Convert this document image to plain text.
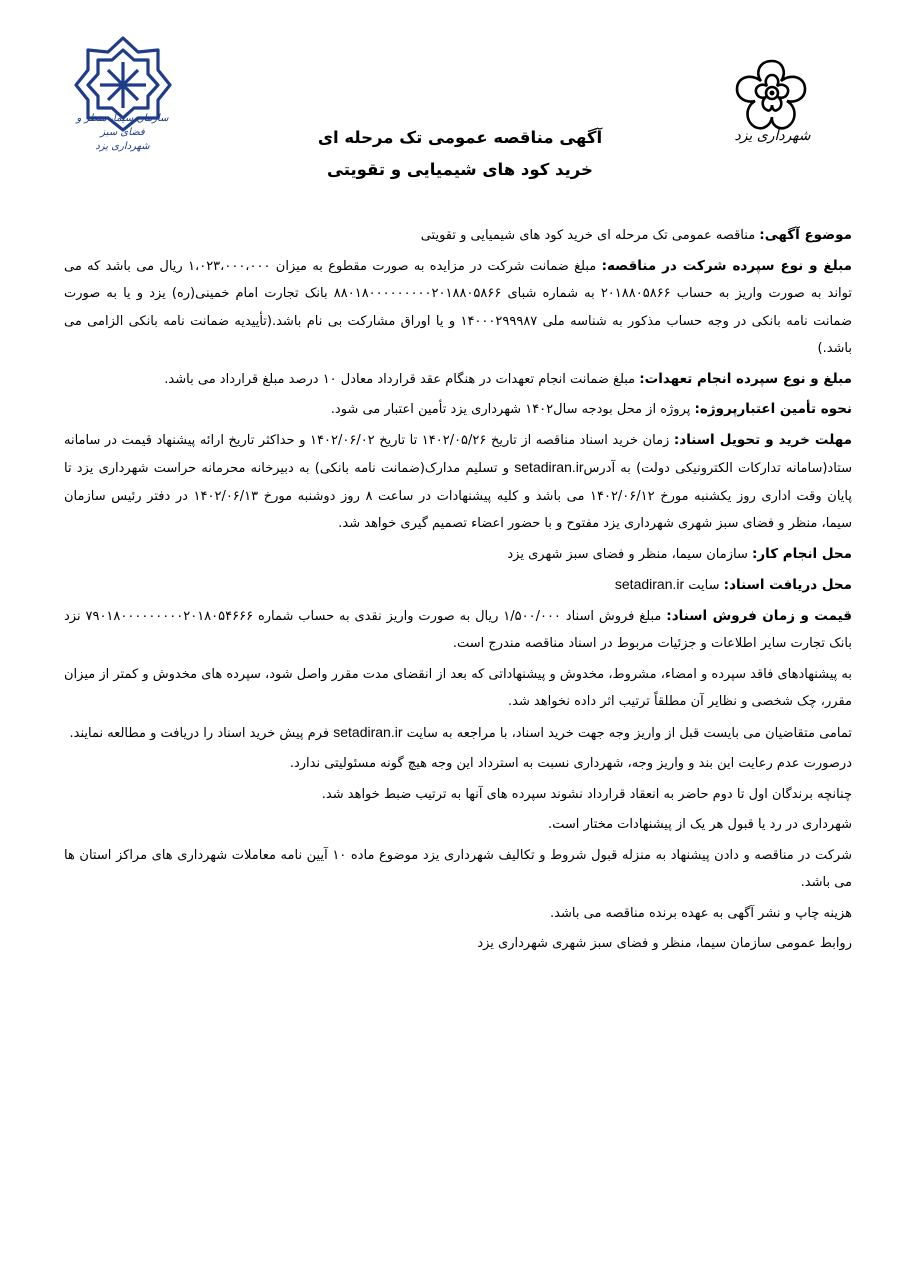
سازمان سیما، منظر و فضای سبز
شهرداری یزد
شهرداری یزد
آگهی مناقصه عمومی تک مرحله ای
خرید کود های شیمیایی و تقویتی

موضوع آگهی: مناقصه عمومی تک مرحله ای خرید کود های شیمیایی و تقویتی

مبلغ و نوع سپرده شرکت در مناقصه: مبلغ ضمانت شرکت در مزایده به صورت مقطوع به میزان ۱،۰۲۳،۰۰۰،۰۰۰ ریال می باشد که می تواند به صورت واریز به حساب ۲۰۱۸۸۰۵۸۶۶ به شماره شبای ۸۸۰۱۸۰۰۰۰۰۰۰۰۰۲۰۱۸۸۰۵۸۶۶ بانک تجارت امام خمینی(ره) یزد و یا به صورت ضمانت نامه بانکی در وجه حساب مذکور به شناسه ملی ۱۴۰۰۰۲۹۹۹۸۷ و یا اوراق مشارکت بی نام باشد.(تأییدیه ضمانت نامه بانکی الزامی می باشد.)

مبلغ و نوع سپرده انجام تعهدات: مبلغ ضمانت انجام تعهدات در هنگام عقد قرارداد معادل ۱۰ درصد مبلغ قرارداد می باشد.

نحوه تأمین اعتبارپروژه: پروژه از محل بودجه سال۱۴۰۲ شهرداری یزد تأمین اعتبار می شود.

مهلت خرید و تحویل اسناد: زمان خرید اسناد مناقصه از تاریخ ۱۴۰۲/۰۵/۲۶ تا تاریخ ۱۴۰۲/۰۶/۰۲ و حداکثر تاریخ ارائه پیشنهاد قیمت در سامانه ستاد(سامانه تدارکات الکترونیکی دولت) به آدرسsetadiran.ir و تسلیم مدارک(ضمانت نامه بانکی) به دبیرخانه محرمانه حراست شهرداری یزد تا پایان وقت اداری روز یکشنبه مورخ ۱۴۰۲/۰۶/۱۲ می باشد و کلیه پیشنهادات در ساعت ۸ روز دوشنبه مورخ ۱۴۰۲/۰۶/۱۳ در دفتر رئیس سازمان سیما، منظر و فضای سبز شهری شهرداری یزد مفتوح و با حضور اعضاء تصمیم گیری خواهد شد.

محل انجام کار: سازمان سیما، منظر و فضای سبز شهری یزد

محل دریافت اسناد: سایت setadiran.ir

قیمت و زمان فروش اسناد: مبلغ فروش اسناد ۱/۵۰۰/۰۰۰ ریال به صورت واریز نقدی به حساب شماره ۷۹۰۱۸۰۰۰۰۰۰۰۰۰۲۰۱۸۰۵۴۶۶۶ نزد بانک تجارت سایر اطلاعات و جزئیات مربوط در اسناد مناقصه مندرج است.

به پیشنهادهای فاقد سپرده و امضاء، مشروط، مخدوش و پیشنهاداتی که بعد از انقضای مدت مقرر واصل شود، سپرده های مخدوش و کمتر از میزان مقرر، چک شخصی و نظایر آن مطلقاً ترتیب اثر داده نخواهد شد.

تمامی متقاضیان می بایست قبل از واریز وجه جهت خرید اسناد، با مراجعه به سایت setadiran.ir فرم پیش خرید اسناد را دریافت و مطالعه نمایند.

درصورت عدم رعایت این بند و واریز وجه، شهرداری نسبت به استرداد این وجه هیچ گونه مسئولیتی ندارد.

چنانچه برندگان اول تا دوم حاضر به انعقاد قرارداد نشوند سپرده های آنها به ترتیب ضبط خواهد شد.

شهرداری در رد یا قبول هر یک از پیشنهادات مختار است.

شرکت در مناقصه و دادن پیشنهاد به منزله قبول شروط و تکالیف شهرداری یزد موضوع ماده ۱۰ آیین نامه معاملات شهرداری های مراکز استان ها می باشد.

هزینه چاپ و نشر آگهی به عهده برنده مناقصه می باشد.

روابط عمومی سازمان سیما، منظر و فضای سبز شهری شهرداری یزد
